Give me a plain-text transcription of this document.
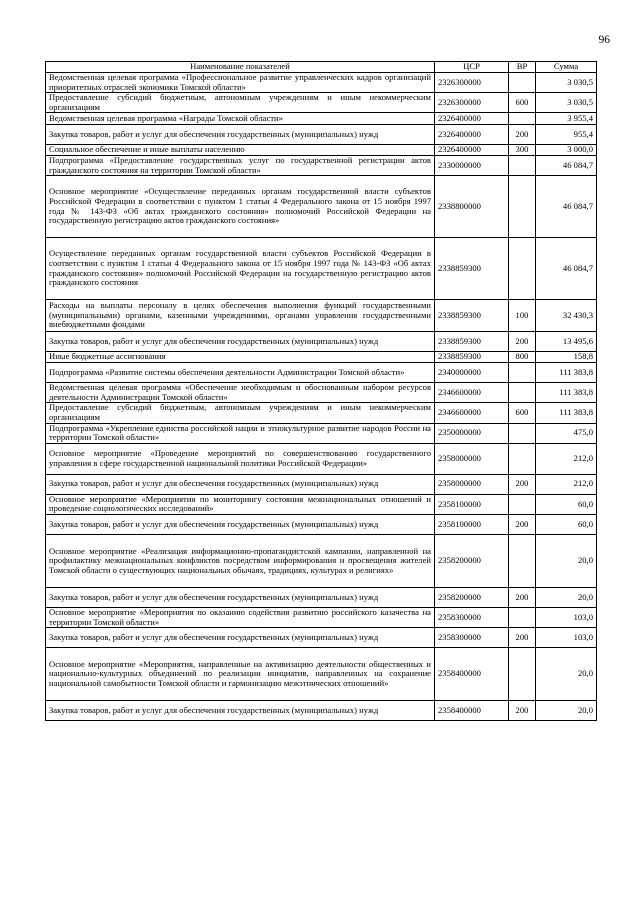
96
Наименование показателей	ЦСР	ВР	Сумма
Ведомственная целевая программа «Профессиональное развитие управленческих кадров организаций приоритетных отраслей экономики Томской области»	2326300000		3 030,5
Предоставление субсидий бюджетным, автономным учреждениям и иным некоммерческим организациям	2326300000	600	3 030,5
Ведомственная целевая программа «Награды Томской области»	2326400000		3 955,4
Закупка товаров, работ и услуг для обеспечения государственных (муниципальных) нужд	2326400000	200	955,4
Социальное обеспечение и иные выплаты населению	2326400000	300	3 000,0
Подпрограмма «Предоставление государственных услуг по государственной регистрации актов гражданского состояния на территории Томской области»	2330000000		46 084,7
Основное мероприятие «Осуществление переданных органам государственной власти субъектов Российской Федерации в соответствии с пунктом 1 статьи 4 Федерального закона от 15 ноября 1997 года № 143-ФЗ «Об актах гражданского состояния» полномочий Российской Федерации на государственную регистрацию актов гражданского состояния»	2338800000		46 084,7
Осуществление переданных органам государственной власти субъектов Российской Федерации в соответствии с пунктом 1 статьи 4 Федерального закона от 15 ноября 1997 года № 143-ФЗ «Об актах гражданского состояния» полномочий Российской Федерации на государственную регистрацию актов гражданского состояния	2338859300		46 084,7
Расходы на выплаты персоналу в целях обеспечения выполнения функций государственными (муниципальными) органами, казенными учреждениями, органами управления государственными внебюджетными фондами	2338859300	100	32 430,3
Закупка товаров, работ и услуг для обеспечения государственных (муниципальных) нужд	2338859300	200	13 495,6
Иные бюджетные ассигнования	2338859300	800	158,8
Подпрограмма «Развитие системы обеспечения деятельности Администрации Томской области»	2340000000		111 383,8
Ведомственная целевая программа «Обеспечение необходимым и обоснованным набором ресурсов деятельности Администрации Томской области»	2346600000		111 383,8
Предоставление субсидий бюджетным, автономным учреждениям и иным некоммерческим организациям	2346600000	600	111 383,8
Подпрограмма «Укрепление единства российской нации и этнокультурное развитие народов России на территории Томской области»	2350000000		475,0
Основное мероприятие «Проведение мероприятий по совершенствованию государственного управления в сфере государственной национальной политики Российской Федерации»	2358000000		212,0
Закупка товаров, работ и услуг для обеспечения государственных (муниципальных) нужд	2358000000	200	212,0
Основное мероприятие «Мероприятия по мониторингу состояния межнациональных отношений и проведение социологических исследований»	2358100000		60,0
Закупка товаров, работ и услуг для обеспечения государственных (муниципальных) нужд	2358100000	200	60,0
Основное мероприятие «Реализация информационно-пропагандистской кампании, направленной на профилактику межнациональных конфликтов посредством информирования и просвещения жителей Томской области о существующих национальных обычаях, традициях, культурах и религиях»	2358200000		20,0
Закупка товаров, работ и услуг для обеспечения государственных (муниципальных) нужд	2358200000	200	20,0
Основное мероприятие «Мероприятия по оказанию содействия развитию российского казачества на территории Томской области»	2358300000		103,0
Закупка товаров, работ и услуг для обеспечения государственных (муниципальных) нужд	2358300000	200	103,0
Основное мероприятие «Мероприятия, направленные на активизацию деятельности общественных и национально-культурных объединений по реализации инициатив, направленных на сохранение национальной самобытности Томской области и гармонизацию межэтнических отношений»	2358400000		20,0
Закупка товаров, работ и услуг для обеспечения государственных (муниципальных) нужд	2358400000	200	20,0
